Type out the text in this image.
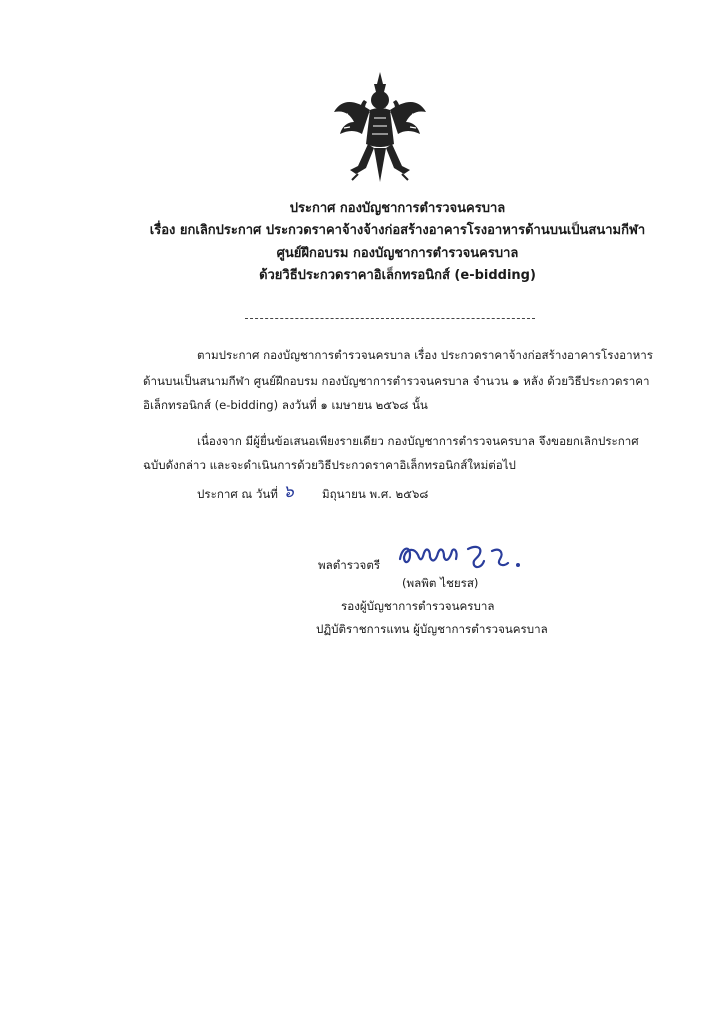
ประกาศ กองบัญชาการตำรวจนครบาล
เรื่อง ยกเลิกประกาศ ประกวดราคาจ้างจ้างก่อสร้างอาคารโรงอาหารด้านบนเป็นสนามกีฬา
ศูนย์ฝึกอบรม กองบัญชาการตำรวจนครบาล
ด้วยวิธีประกวดราคาอิเล็กทรอนิกส์ (e-bidding)
ตามประกาศ กองบัญชาการตำรวจนครบาล เรื่อง ประกวดราคาจ้างก่อสร้างอาคารโรงอาหาร
ด้านบนเป็นสนามกีฬา ศูนย์ฝึกอบรม กองบัญชาการตำรวจนครบาล จำนวน ๑ หลัง ด้วยวิธีประกวดราคา
อิเล็กทรอนิกส์ (e-bidding) ลงวันที่ ๑ เมษายน ๒๕๖๘ นั้น
เนื่องจาก มีผู้ยื่นข้อเสนอเพียงรายเดียว กองบัญชาการตำรวจนครบาล จึงขอยกเลิกประกาศ
ฉบับดังกล่าว และจะดำเนินการด้วยวิธีประกวดราคาอิเล็กทรอนิกส์ใหม่ต่อไป
ประกาศ ณ วันที่ ๖ มิถุนายน พ.ศ. ๒๕๖๘
พลตำรวจตรี
(พลพิต ไชยรส)
รองผู้บัญชาการตำรวจนครบาล
ปฏิบัติราชการแทน ผู้บัญชาการตำรวจนครบาล
